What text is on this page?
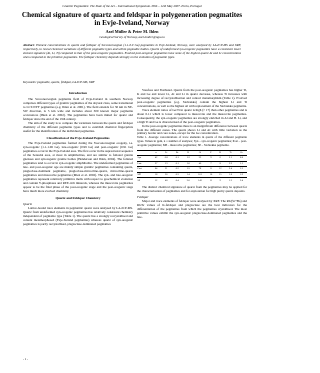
Granitic Pegmatites: The State of the Art – International Symposium. 06th – 12th May 2007. Porto, Portugal
Chemical signature of quartz and feldspar in polygeneration pegmatites in Evje-Iveland, Norway
Axel Müller & Peter M. Ihlen
Geological Survey of Norway, axel.muller@ngu.no
Abstract: Element concentrations in quartz and feldspar of Sveconorwegian (1.1-0.9 Ga) pegmatites in Evje-Iveland, Norway, were analysed by LA-ICP-MS and XRF, respectively, to reveal chemical variations of different pegmatite types and within pegmatite bodies. Quartz of undeformed syn-orogenic pegmatites have a consistent lower element signature (Al, Li, Ti) compared to that of the post-orogenic pegmatites. Evolved post-orogenic pegmatites have some of the highest quartz Al and Li concentrations when compared to the primitive pegmatites. The feldspar chemistry depends strongly on the evolution of pegmatite types.
Keywords: pegmatite, quartz, feldspar, LA-ICP-MS, XRF
Introduction

The Sveconorwegian pegmatite field of Evje-Iveland in southern Norway comprises different types of granitic pegmatites of the abyssal class, some transitional to LCT-NYF pegmatites (e.g. Ihlen et al. 2001). The field extends for 30 km in NE-SW direction, is 5 km wide and includes about 300 known major pegmatite occurrences (Ihlen et al. 2002). The pegmatites have been mined for quartz and feldspar since the end of the 19th century.

The aim of the study is to compare the variations between the quartz and feldspar chemistry of the different pegmatite types and to establish chemical fingerprints useful for the identification of the individual pegmatites.

Classification of the Evje-Iveland Pegmatites

The Evje-Iveland pegmatites formed during the Sveconorwegian orogeny, i.e. syn-orogenic (1.1-1.06 Ga), late-orogenic (0.99 Ga) and post-orogenic (0.91 Ga) pegmatites occur in the Evje-Iveland area. The first occur in the supracrustal sequence of the Setesdal area, at most in amphibolites, and are similar to foliated granite gneisses and synorogenic granite bodies (Henderson and Ihlen, 2004). The foliated pegmatites tend to occur in syn-orogenic amphibolite. The undeformed pegmatites of late- and post-orogenic age are mainly simple granitic pegmatites containing quartz, plagioclase-dominant pegmatite, plagioclase-microcline-quartz, microcline-quartz pegmatites and muscovite pegmatites (Ihlen et al. 2002). The syn- and late-orogenic pegmatites represent relatively primitive melts with respect to geochemical evolution and contain Y-phosphates and REE-rich minerals, whereas the muscovite pegmatites appear to be the final phase of the post-orogenic stage and the post-orogenic stage have much more evolved chemistry.

Quartz and Feldspar Chemistry
Quartz

Lattice-bound trace elements in pegmatitic quartz were analysed by LA-ICP-MS. Quartz from undeformed syn-orogenic pegmatites has relatively consistent chemistry independent of pegmatite type (Table 1). The quartz has a strongly recrystallised and content metamorphosed (Evje-Iveland pegmatites) whereas quartz of syn-orogenic pegmatites is partly recrystallised, plagioclase-dominated pegmatites

Vassfoss and Frøthsted. Quartz from the post-orogenic pegmatites has higher Ti, K and Ge and lower Li, Al and Li in quartz decrease, whereas Ti increases with increasing degree of recrystallisation and contact metamorphism (Table 1). Evolved post-orogenic pegmatites (e.g. Slobrekka) contain the highest Li and Ti concentrations, as well as the highest Al with replacement of the Slobrekka pegmatite.

Trace element ratios of Ge/Ti in quartz is high (> 17) than other pegmatites and is about 0.11 which is lower compared to muscovite and the muscovite pegmatites. Consequently, the syn-orogenic pegmatites are strongly enriched in Al and B. Li, and a high Ti and Ge is characterised of the post-orogenic pegmatites.

In the post-orogenic pegmatites there is an insignificant difference between quartz from the different zones. The quartz shows Li and Al with little variation as the primary border and core zones, except for the Ge concentration.

Table 1. Average concentrations of trace elements in quartz of the different pegmatite types. Values in ppm, n = number of analyses; Syn – syn-orogenic pegmatites; Post – post-orogenic pegmatites; MP – muscovite pegmatites; SP – Slobrekka pegmatite.

	n	Li	Be	B	Al	P	K	Ti	Ge
Syn	42	6.8	0.1	1.2	33	9	6	3.1	0.8
Late	27	13	0.1	1.0	46	7	8	2.9	1.1
Post	64	21	0.2	1.5	78	8	12	2.4	1.3
MP	18	36	0.3	1.4	101	10	15	1.8	1.9
SP	12	48	0.4	2.0	142	11	9	1.2	2.4

The distinct chemical signature of quartz from the pegmatites may be applied for the characterisation of pegmatites and for exploration for high purity quartz deposits.

Feldspar

Major and trace elements of feldspar were analysed by XRF. The Rb/(Sr+Ba) and Rb/Sr values of K-feldspar and plagioclase are the best indicators for the differentiation of the pegmatites from which the pegmatites crystallised. The most primitive values exhibit the syn-orogenic plagioclase-dominated pegmatites and the late-

- 1 -
